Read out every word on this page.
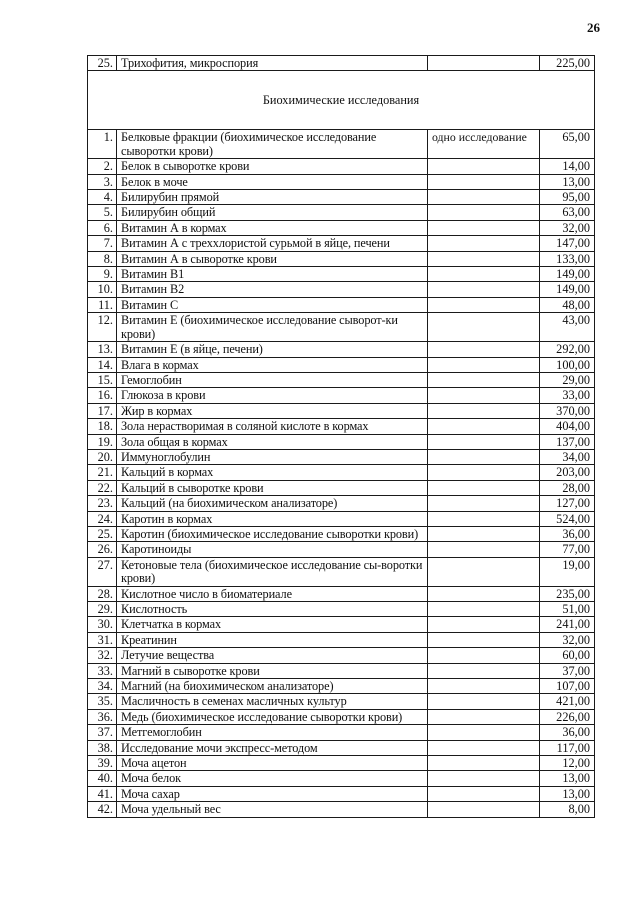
26
25.	Трихофития, микроспория		225,00
Биохимические исследования			
1.	Белковые фракции (биохимическое исследование сыворотки крови)	одно исследование	65,00
2.	Белок в сыворотке крови		14,00
3.	Белок в моче		13,00
4.	Билирубин прямой		95,00
5.	Билирубин общий		63,00
6.	Витамин А в кормах		32,00
7.	Витамин А с треххлористой сурьмой в яйце, печени		147,00
8.	Витамин А в сыворотке крови		133,00
9.	Витамин В1		149,00
10.	Витамин В2		149,00
11.	Витамин С		48,00
12.	Витамин Е (биохимическое исследование сыворот-ки крови)		43,00
13.	Витамин Е (в яйце, печени)		292,00
14.	Влага в кормах		100,00
15.	Гемоглобин		29,00
16.	Глюкоза в крови		33,00
17.	Жир в кормах		370,00
18.	Зола нерастворимая в соляной кислоте в кормах		404,00
19.	Зола общая в кормах		137,00
20.	Иммуноглобулин		34,00
21.	Кальций в кормах		203,00
22.	Кальций в сыворотке крови		28,00
23.	Кальций (на биохимическом анализаторе)		127,00
24.	Каротин в кормах		524,00
25.	Каротин (биохимическое исследование сыворотки крови)		36,00
26.	Каротиноиды		77,00
27.	Кетоновые тела (биохимическое исследование сы-воротки крови)		19,00
28.	Кислотное число в биоматериале		235,00
29.	Кислотность		51,00
30.	Клетчатка в кормах		241,00
31.	Креатинин		32,00
32.	Летучие вещества		60,00
33.	Магний в сыворотке крови		37,00
34.	Магний (на биохимическом анализаторе)		107,00
35.	Масличность в семенах масличных культур		421,00
36.	Медь (биохимическое исследование сыворотки крови)		226,00
37.	Метгемоглобин		36,00
38.	Исследование мочи экспресс-методом		117,00
39.	Моча ацетон		12,00
40.	Моча белок		13,00
41.	Моча сахар		13,00
42.	Моча удельный вес		8,00
